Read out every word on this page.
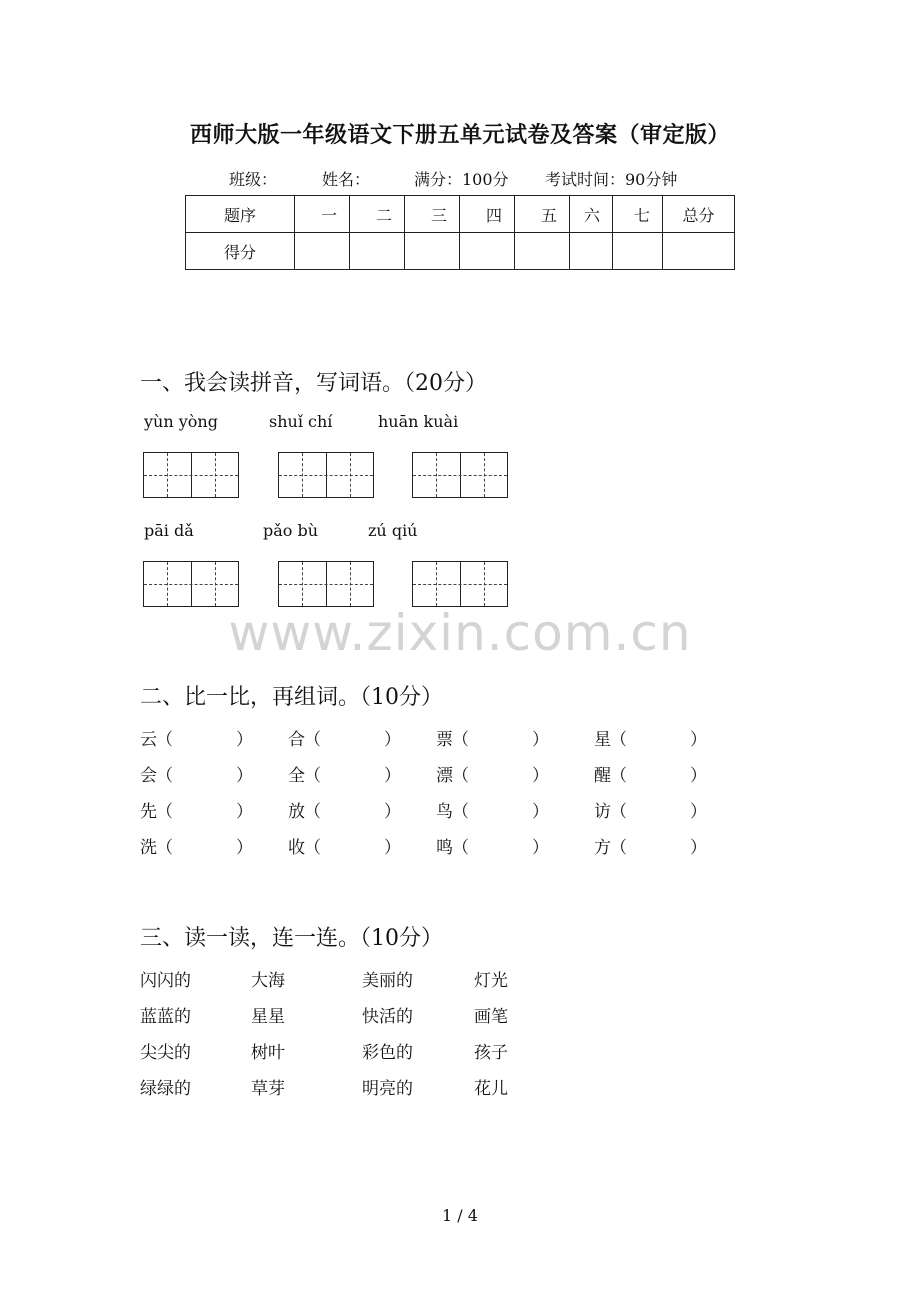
西师大版一年级语文下册五单元试卷及答案（审定版）
班级：	姓名：	满分：100分 考试时间：90分钟
题序	一	二	三	四	五	六	七	总分
得分								
一、我会读拼音，写词语。（20分）
yùn yòng	shuǐ chí	huān kuài
pāi dǎ	pǎo bù	zú qiú
www.zixin.com.cn
二、比一比，再组词。（10分）
云 （	） 合 （	） 票 （	）	星 （	）
会 （	） 全 （	） 漂 （	）	醒 （	）
先 （	） 放 （	） 鸟 （	）	访 （	）
洗 （	） 收 （	） 鸣 （	）	方 （	）
三、读一读，连一连。（10分）
闪闪的	大海	美丽的	灯光
蓝蓝的	星星	快活的	画笔
尖尖的	树叶	彩色的	孩子
绿绿的	草芽	明亮的	花儿
1 / 4
